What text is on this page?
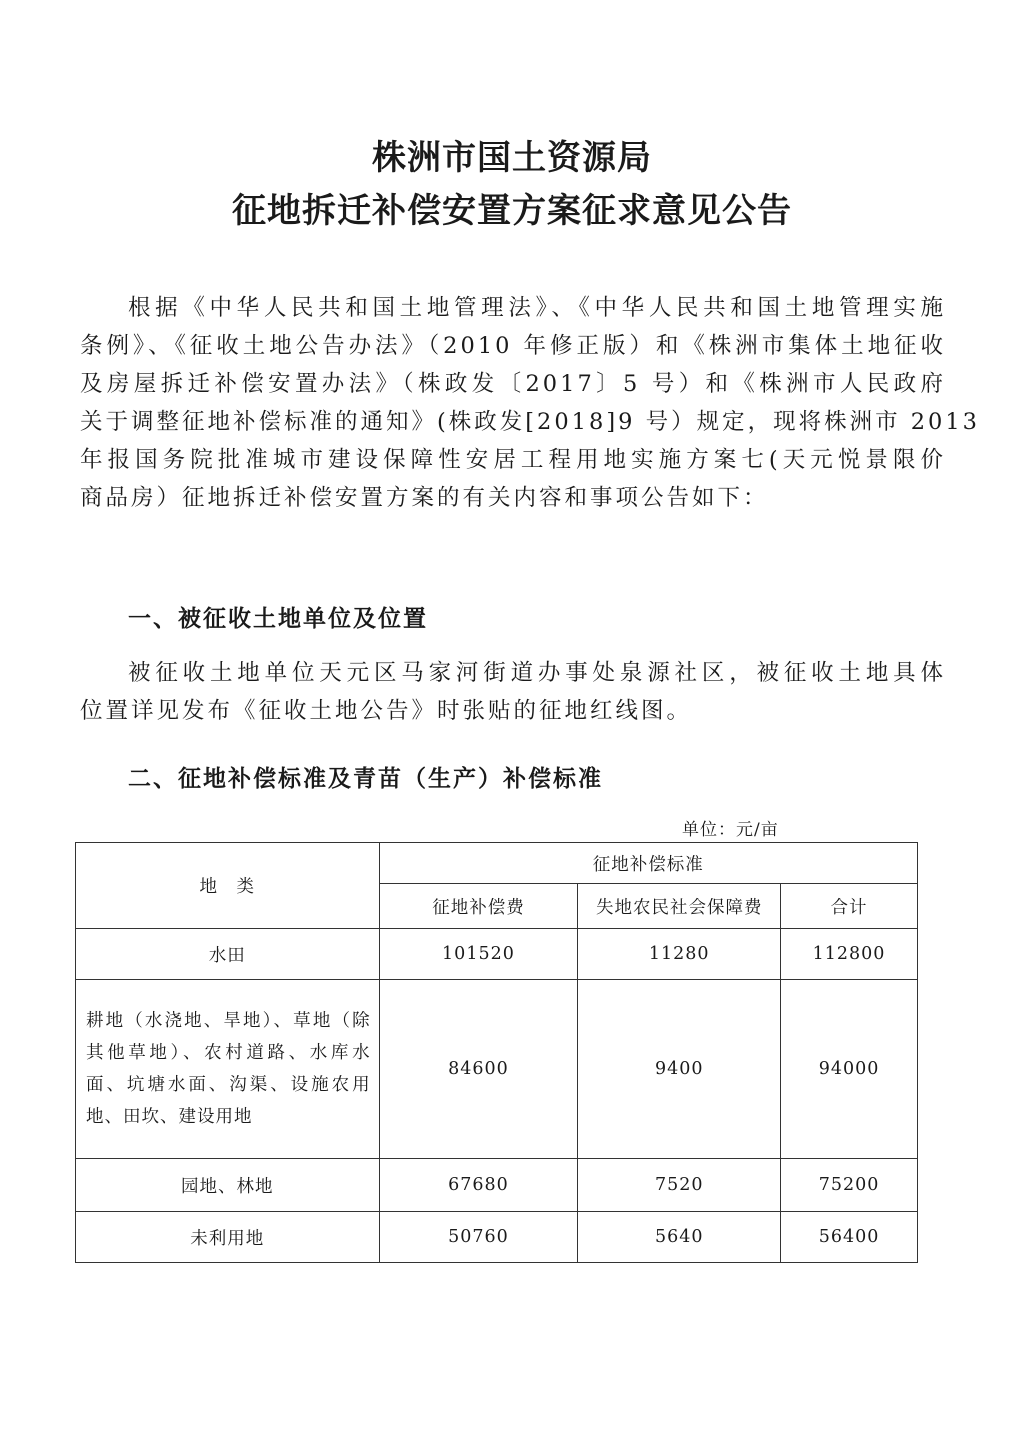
株洲市国土资源局
征地拆迁补偿安置方案征求意见公告
根据《中华人民共和国土地管理法》、《中华人民共和国土地管理实施
条例》、《征收土地公告办法》（2010 年修正版）和《株洲市集体土地征收
及房屋拆迁补偿安置办法》（株政发〔2017〕5 号）和《株洲市人民政府
关于调整征地补偿标准的通知》(株政发[2018]9 号）规定，现将株洲市 2013
年报国务院批准城市建设保障性安居工程用地实施方案七(天元悦景限价
商品房）征地拆迁补偿安置方案的有关内容和事项公告如下：
一、被征收土地单位及位置
被征收土地单位天元区马家河街道办事处泉源社区，被征收土地具体
位置详见发布《征收土地公告》时张贴的征地红线图。
二、征地补偿标准及青苗（生产）补偿标准
单位：元/亩
地　类	征地补偿标准		
	征地补偿费	失地农民社会保障费	合计
水田	101520	11280	112800

耕地（水浇地、旱地）、草地（除其他草地）、农村道路、水库水面、坑塘水面、沟渠、设施农用地、田坎、建设用地	84600	9400	94000
园地、林地	67680	7520	75200
未利用地	50760	5640	56400
